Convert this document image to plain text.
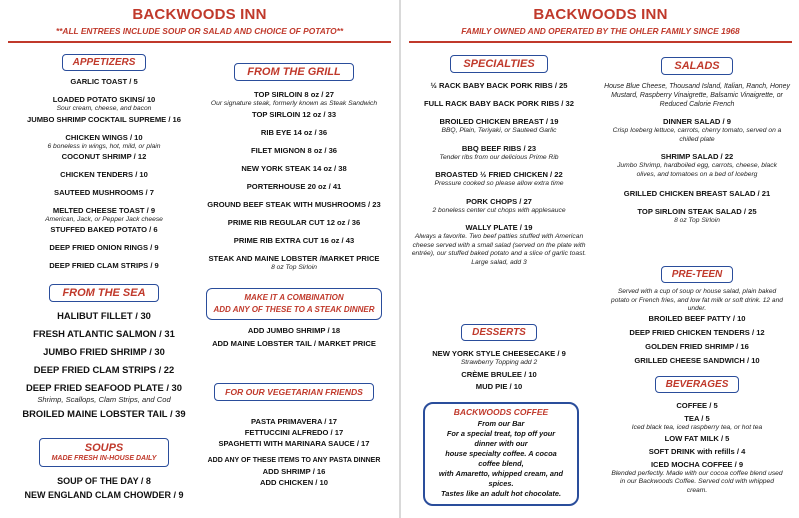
BACKWOODS INN
**ALL ENTREES INCLUDE SOUP OR SALAD AND CHOICE OF POTATO**
APPETIZERS
GARLIC TOAST / 5
LOADED POTATO SKINS/ 10
Sour cream, cheese, and bacon
JUMBO SHRIMP COCKTAIL SUPREME / 16
CHICKEN WINGS / 10
6 boneless in wings, hot, mild, or plain
COCONUT SHRIMP / 12
CHICKEN TENDERS / 10
SAUTEED MUSHROOMS / 7
MELTED CHEESE TOAST / 9
American, Jack, or Pepper Jack cheese
STUFFED BAKED POTATO / 6
DEEP FRIED ONION RINGS / 9
DEEP FRIED CLAM STRIPS / 9
FROM THE SEA
HALIBUT FILLET / 30
FRESH ATLANTIC SALMON / 31
JUMBO FRIED SHRIMP / 30
DEEP FRIED CLAM STRIPS / 22
DEEP FRIED SEAFOOD PLATE / 30
Shrimp, Scallops, Clam Strips, and Cod
BROILED MAINE LOBSTER TAIL / 39
SOUPS
MADE FRESH IN-HOUSE DAILY
SOUP OF THE DAY / 8
NEW ENGLAND CLAM CHOWDER / 9
FROM THE GRILL
TOP SIRLOIN 8 oz / 27
Our signature steak, formerly known as Steak Sandwich
TOP SIRLOIN 12 oz / 33
RIB EYE 14 oz / 36
FILET MIGNON 8 oz / 36
NEW YORK STEAK 14 oz / 38
PORTERHOUSE 20 oz / 41
GROUND BEEF STEAK WITH MUSHROOMS / 23
PRIME RIB REGULAR CUT 12 oz / 36
PRIME RIB EXTRA CUT 16 oz / 43
STEAK AND MAINE LOBSTER /MARKET PRICE
8 oz Top Sirloin
MAKE IT A COMBINATION
ADD ANY OF THESE TO A STEAK DINNER
ADD JUMBO SHRIMP / 18
ADD MAINE LOBSTER TAIL / MARKET PRICE
FOR OUR VEGETARIAN FRIENDS
PASTA PRIMAVERA / 17
FETTUCCINI ALFREDO / 17
SPAGHETTI WITH MARINARA SAUCE / 17
ADD ANY OF THESE ITEMS TO ANY PASTA DINNER
ADD SHRIMP / 16
ADD CHICKEN / 10
BACKWOODS INN
FAMILY OWNED AND OPERATED BY THE OHLER FAMILY SINCE 1968
SPECIALTIES
½ RACK BABY BACK PORK RIBS / 25
FULL RACK BABY BACK PORK RIBS / 32
BROILED CHICKEN BREAST / 19
BBQ, Plain, Teriyaki, or Sauteed Garlic
BBQ BEEF RIBS / 23
Tender ribs from our delicious Prime Rib
BROASTED ½ FRIED CHICKEN / 22
Pressure cooked so please allow extra time
PORK CHOPS / 27
2 boneless center cut chops with applesauce
WALLY PLATE / 19
Always a favorite. Two beef patties stuffed with American cheese served with a small salad (served on the plate with entrée), our stuffed baked potato and a slice of garlic toast. Large salad, add 3
DESSERTS
NEW YORK STYLE CHEESECAKE / 9
Strawberry Topping add 2
CRÈME BRULEE / 10
MUD PIE / 10
BACKWOODS COFFEE
From our Bar
For a special treat, top off your
dinner with our
house specialty coffee. A cocoa
coffee blend,
with Amaretto, whipped cream, and
spices.
Tastes like an adult hot chocolate.
SALADS
House Blue Cheese, Thousand Island, Italian, Ranch, Honey Mustard, Raspberry Vinaigrette, Balsamic Vinaigrette, or Reduced Calorie French
DINNER SALAD / 9
Crisp Iceberg lettuce, carrots, cherry tomato, served on a chilled plate
SHRIMP SALAD / 22
Jumbo Shrimp, hardboiled egg, carrots, cheese, black olives, and tomatoes on a bed of Iceberg
GRILLED CHICKEN BREAST SALAD / 21
TOP SIRLOIN STEAK SALAD / 25
8 oz Top Sirloin
PRE-TEEN
Served with a cup of soup or house salad, plain baked potato or French fries, and low fat milk or soft drink. 12 and under.
BROILED BEEF PATTY / 10
DEEP FRIED CHICKEN TENDERS / 12
GOLDEN FRIED SHRIMP / 16
GRILLED CHEESE SANDWICH / 10
BEVERAGES
COFFEE / 5
TEA / 5
Iced black tea, iced raspberry tea, or hot tea
LOW FAT MILK / 5
SOFT DRINK with refills / 4
ICED MOCHA COFFEE / 9
Blended perfectly. Made with our cocoa coffee blend used in our Backwoods Coffee. Served cold with whipped cream.
